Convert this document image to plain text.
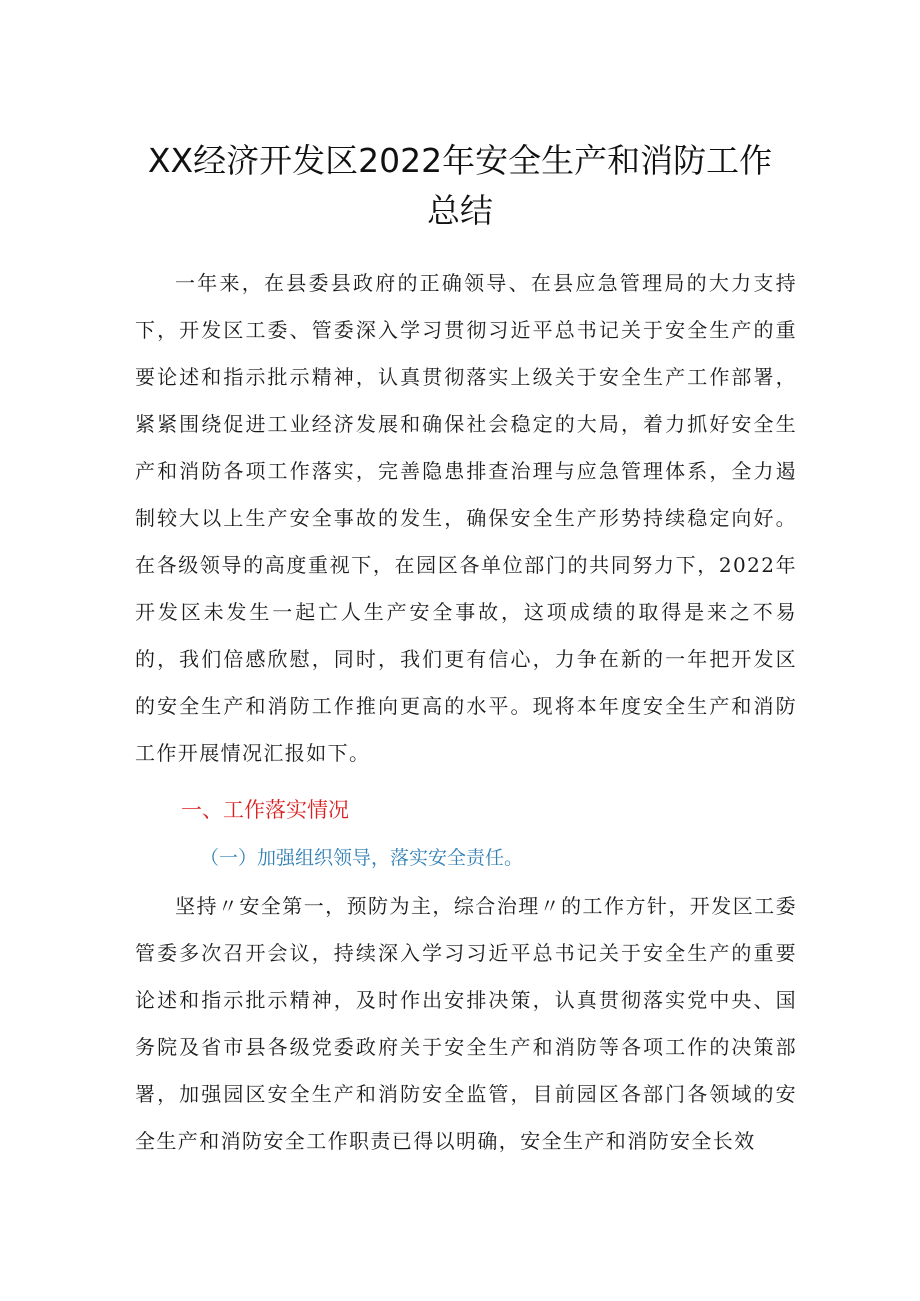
XX经济开发区2022年安全生产和消防工作
总结

一年来，在县委县政府的正确领导、在县应急管理局的大力支持下，开发区工委、管委深入学习贯彻习近平总书记关于安全生产的重要论述和指示批示精神，认真贯彻落实上级关于安全生产工作部署，紧紧围绕促进工业经济发展和确保社会稳定的大局，着力抓好安全生产和消防各项工作落实，完善隐患排查治理与应急管理体系，全力遏制较大以上生产安全事故的发生，确保安全生产形势持续稳定向好。在各级领导的高度重视下，在园区各单位部门的共同努力下，2022年开发区未发生一起亡人生产安全事故，这项成绩的取得是来之不易的，我们倍感欣慰，同时，我们更有信心，力争在新的一年把开发区的安全生产和消防工作推向更高的水平。现将本年度安全生产和消防工作开展情况汇报如下。

一、工作落实情况
（一）加强组织领导，落实安全责任。

坚持〃安全第一，预防为主，综合治理〃的工作方针，开发区工委管委多次召开会议，持续深入学习习近平总书记关于安全生产的重要论述和指示批示精神，及时作出安排决策，认真贯彻落实党中央、国务院及省市县各级党委政府关于安全生产和消防等各项工作的决策部署，加强园区安全生产和消防安全监管，目前园区各部门各领域的安全生产和消防安全工作职责已得以明确，安全生产和消防安全长效
